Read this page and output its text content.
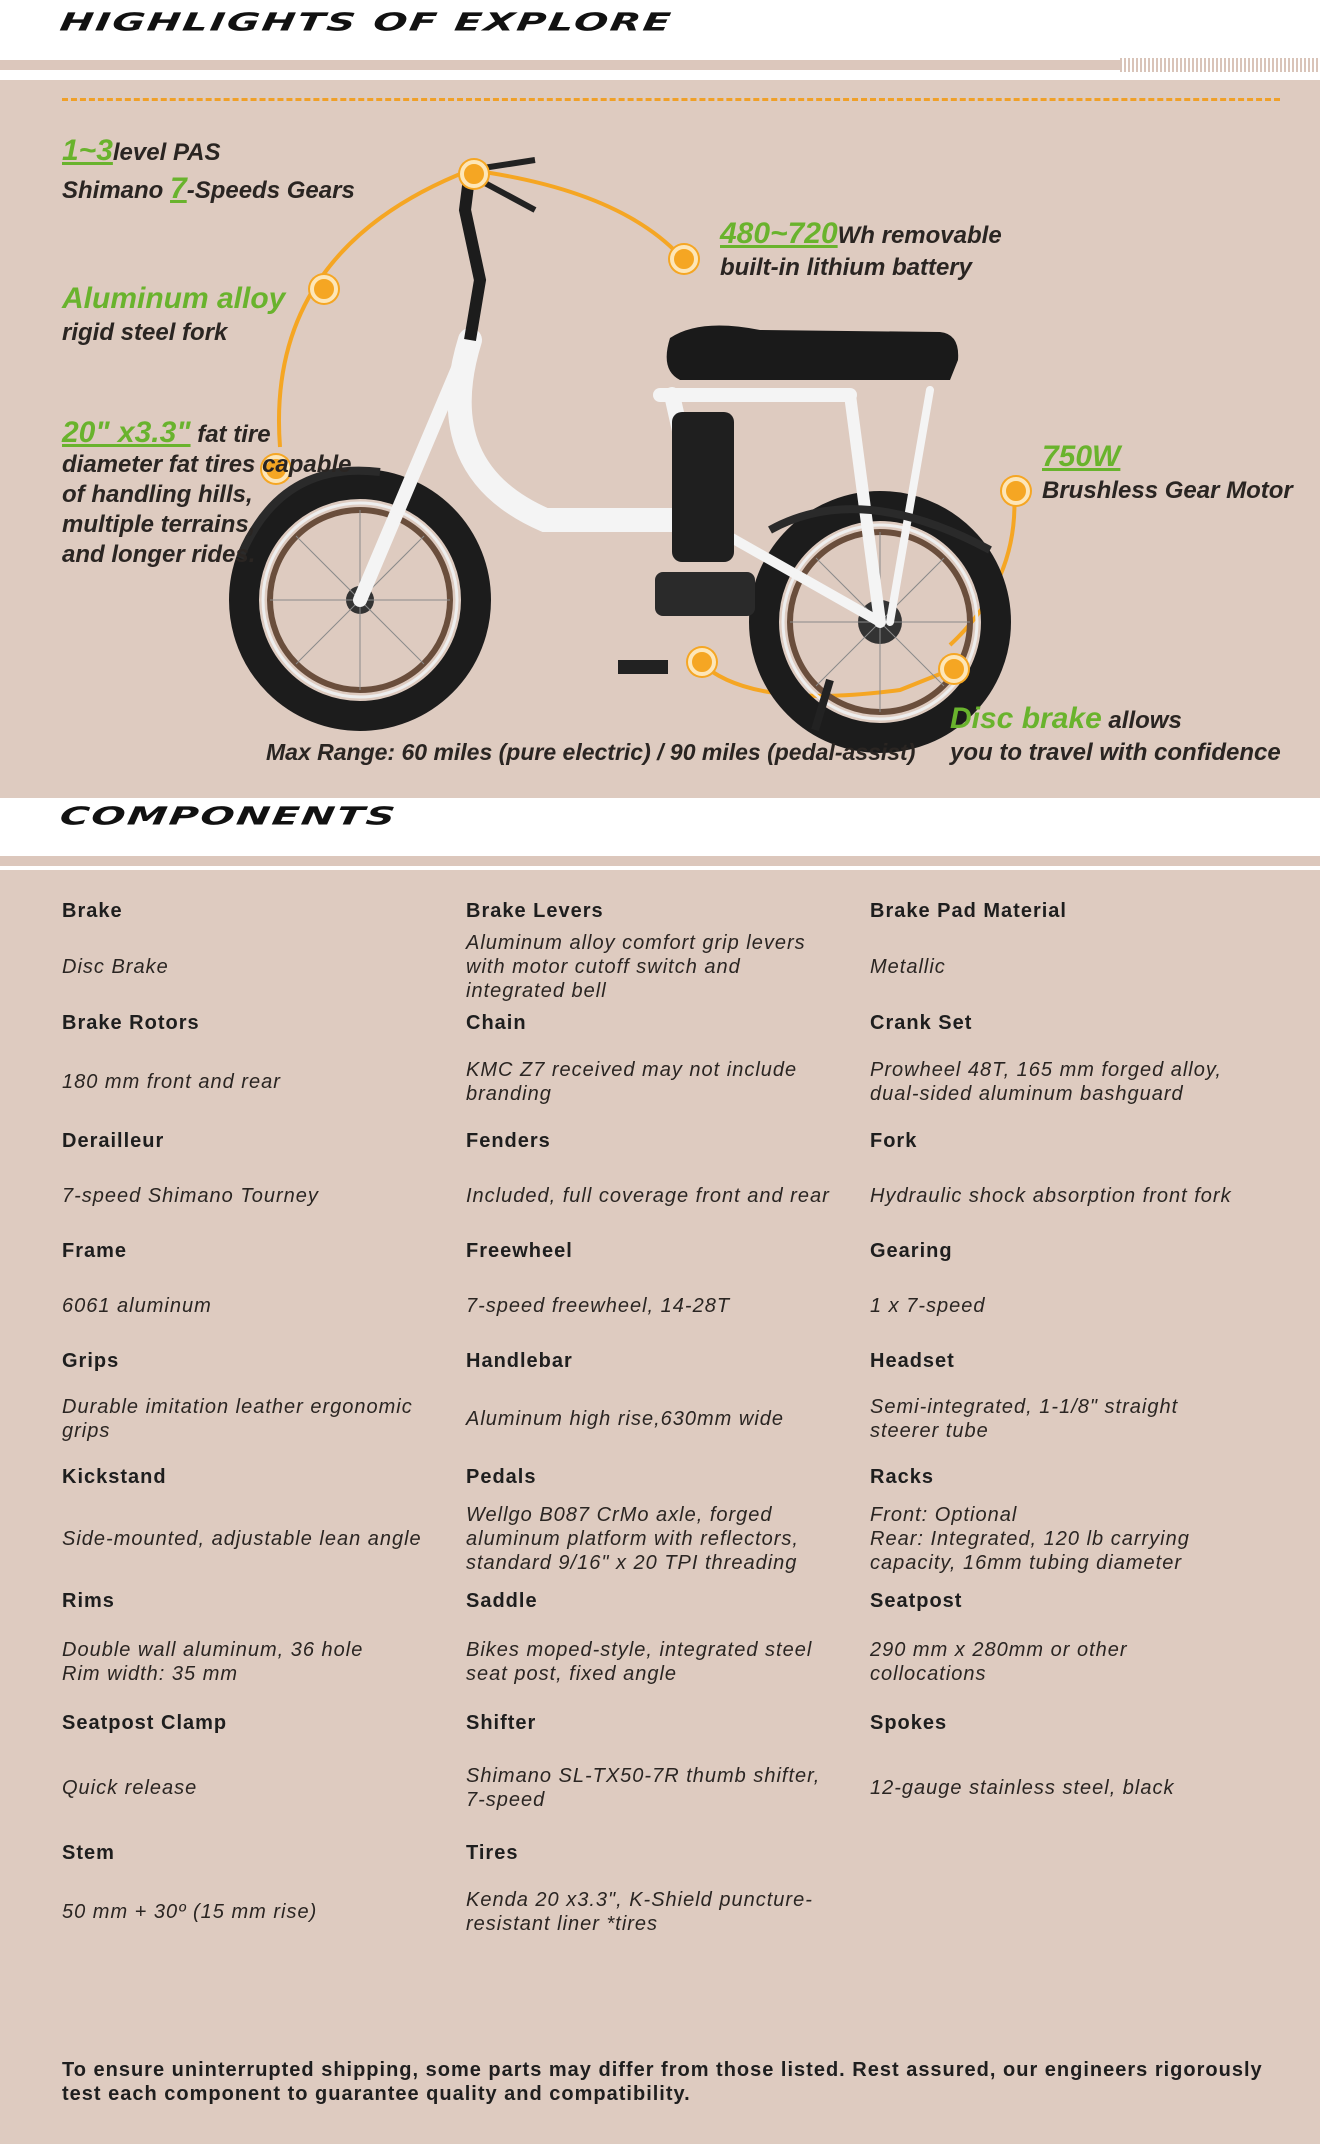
HIGHLIGHTS OF EXPLORE
1~3level PAS
Shimano 7-Speeds Gears
480~720Wh removable
built-in lithium battery
Aluminum alloy
rigid steel fork
20" x3.3" fat tire
diameter fat tires capable
of handling hills,
multiple terrains,
and longer rides.
750W
Brushless Gear Motor
Disc brake allows
you to travel with confidence
Max Range: 60 miles (pure electric) / 90 miles (pedal-assist)
COMPONENTS
Brake
Disc Brake
Brake Levers
Aluminum alloy comfort grip levers
with motor cutoff switch and
integrated bell
Brake Pad Material
Metallic
Brake Rotors
180 mm front and rear
Chain
KMC Z7 received may not include
branding
Crank Set
Prowheel 48T, 165 mm forged alloy,
dual-sided aluminum bashguard
Derailleur
7-speed Shimano Tourney
Fenders
Included, full coverage front and rear
Fork
Hydraulic shock absorption front fork
Frame
6061 aluminum
Freewheel
7-speed freewheel, 14-28T
Gearing
1 x 7-speed
Grips
Durable imitation leather ergonomic
grips
Handlebar
Aluminum high rise,630mm wide
Headset
Semi-integrated, 1-1/8" straight
steerer tube
Kickstand
Side-mounted, adjustable lean angle
Pedals
Wellgo B087 CrMo axle, forged
aluminum platform with reflectors,
standard 9/16" x 20 TPI threading
Racks
Front: Optional
Rear: Integrated, 120 lb carrying
capacity, 16mm tubing diameter
Rims
Double wall aluminum, 36 hole
Rim width: 35 mm
Saddle
Bikes moped-style, integrated steel
seat post, fixed angle
Seatpost
290 mm x 280mm or other
collocations
Seatpost Clamp
Quick release
Shifter
Shimano SL-TX50-7R thumb shifter,
7-speed
Spokes
12-gauge stainless steel, black
Stem
50 mm + 30º (15 mm rise)
Tires
Kenda 20 x3.3", K-Shield puncture-
resistant liner *tires
To ensure uninterrupted shipping, some parts may differ from those listed. Rest assured, our engineers rigorously test each component to guarantee quality and compatibility.
